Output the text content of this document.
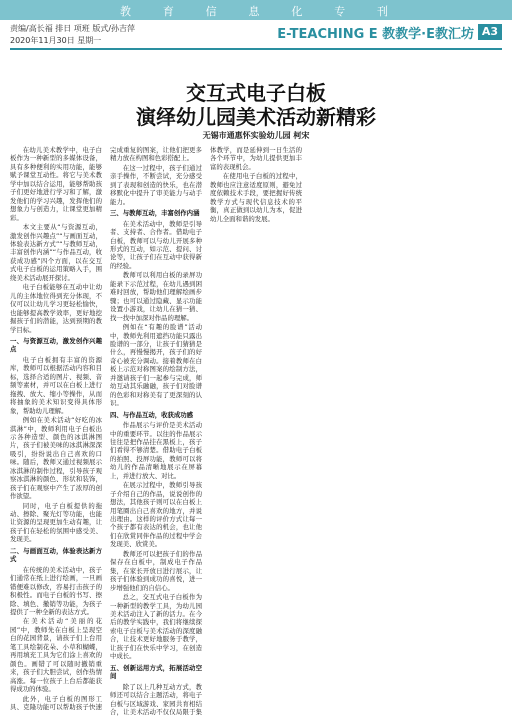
教	育	信	息	化	专	刊
责编/高长福 排日 项班 版式/孙吉萍
2020年11月30日 星期一	E-TEACHING E 教教学·E教汇坊 A3
交互式电子白板
演绎幼儿园美术活动新精彩
无锡市通惠怀实验幼儿园 柯宋

在幼儿美术教学中，电子白板作为一种新型的多媒体设备，具有多种便利的实用功能，能够赋予课堂互动性。将它与美术教学中加以结合运用，能够帮助孩子们更好地进行学习和了解，激发他们的学习兴趣，发挥他们的想象力与创造力，让课堂更加精彩。

本文主要从“与资源互动，激发创作兴趣点”“与画面互动，体验表达新方式”“与教师互动，丰富创作内涵”“与作品互动，收获成功感”四个方面，以在交互式电子白板的运用策略入手，围绕美术活动展开探讨。

电子白板能够在互动中让幼儿的主体地位得到充分体现，不仅可以让幼儿学习更轻松愉快，也能够提高教学效率，更好地挖掘孩子们的潜能，达到预期的教学目标。

一、与资源互动，激发创作兴趣点

电子白板拥有丰富的资源库，教师可以根据活动内容和目标，选择合适的图片、视频、音频等素材，并可以在白板上进行拖拽、放大、缩小等操作，从而将抽象的美术知识变得具体形象，帮助幼儿理解。

例如在美术活动“好吃的冰淇淋”中，教师利用电子白板出示各种造型、颜色的冰淇淋图片，孩子们被美味的冰淇淋深深吸引，纷纷说出自己喜欢的口味。随后，教师又通过视频展示冰淇淋的制作过程，引导孩子观察冰淇淋的颜色、形状和装饰，孩子们在观察中产生了浓厚的创作欲望。

同时，电子白板提供的拖动、擦除、聚光灯等功能，也能让资源的呈现更加生动有趣，让孩子们在轻松的氛围中感受美、发现美。

二、与画面互动，体验表达新方式

在传统的美术活动中，孩子们通常在纸上进行绘画，一旦画错便难以修改，容易打击孩子的积极性。而电子白板的书写、擦除、填色、撤销等功能，为孩子提供了一种全新的表达方式。

在美术活动“美丽的花园”中，教师先在白板上呈现空白的花园背景，请孩子们上台用笔工具绘制花朵、小草和蝴蝶，再用填充工具为它们涂上喜欢的颜色。画错了可以随时撤销重来，孩子们大胆尝试，创作热情高涨。每一位孩子上台后都能获得成功的体验。

此外，电子白板的图形工具、克隆功能可以帮助孩子快速完成重复的图案，让他们把更多精力放在构图和色彩搭配上。

在这一过程中，孩子们通过亲手操作，不断尝试，充分感受到了表现和创造的快乐，也在潜移默化中提升了审美能力与动手能力。

三、与教师互动，丰富创作内涵

在美术活动中，教师是引导者、支持者、合作者。借助电子白板，教师可以与幼儿开展多种形式的互动，如示范、提问、讨论等，让孩子们在互动中获得新的经验。

教师可以利用白板的录屏功能录下示范过程，在幼儿遇到困难时回放，帮助他们理解绘画步骤；也可以通过隐藏、显示功能设置小游戏，让幼儿在猜一猜、找一找中加深对作品的理解。

例如在“有趣的脸谱”活动中，教师先利用遮挡功能只露出脸谱的一部分，让孩子们猜猜是什么，再慢慢揭开，孩子们的好奇心被充分调动。接着教师在白板上示范对称图案的绘制方法，并邀请孩子们一起参与完成，师幼互动其乐融融，孩子们对脸谱的色彩和对称美有了更深刻的认识。

四、与作品互动，收获成功感

作品展示与评价是美术活动中的重要环节。以往的作品展示往往是把作品挂在黑板上，孩子们看得不够清楚。借助电子白板的拍照、投屏功能，教师可以将幼儿的作品清晰地展示在屏幕上，并进行放大、对比。

在展示过程中，教师引导孩子介绍自己的作品，说说创作的想法，其他孩子则可以在白板上用笔圈出自己喜欢的地方，并说出理由。这样的评价方式让每一个孩子都有表达的机会，也让他们在欣赏同伴作品的过程中学会发现美、欣赏美。

教师还可以把孩子们的作品保存在白板中，制成电子作品集，在家长开放日进行展示，让孩子们体验到成功的喜悦，进一步增强他们的自信心。

总之，交互式电子白板作为一种新型的教学工具，为幼儿园美术活动注入了新的活力。在今后的教学实践中，我们将继续探索电子白板与美术活动的深度融合，让技术更好地服务于教学，让孩子们在快乐中学习，在创造中成长。

五、创新运用方式，拓展活动空间

除了以上几种互动方式，教师还可以结合主题活动，将电子白板与区域游戏、家园共育相结合，让美术活动不仅仅局限于集体教学，而是延伸到一日生活的各个环节中，为幼儿提供更加丰富的表现机会。

在使用电子白板的过程中，教师也应注意适度原则，避免过度依赖技术手段，要把握好传统教学方式与现代信息技术的平衡，真正做到以幼儿为本，促进幼儿全面和谐的发展。
